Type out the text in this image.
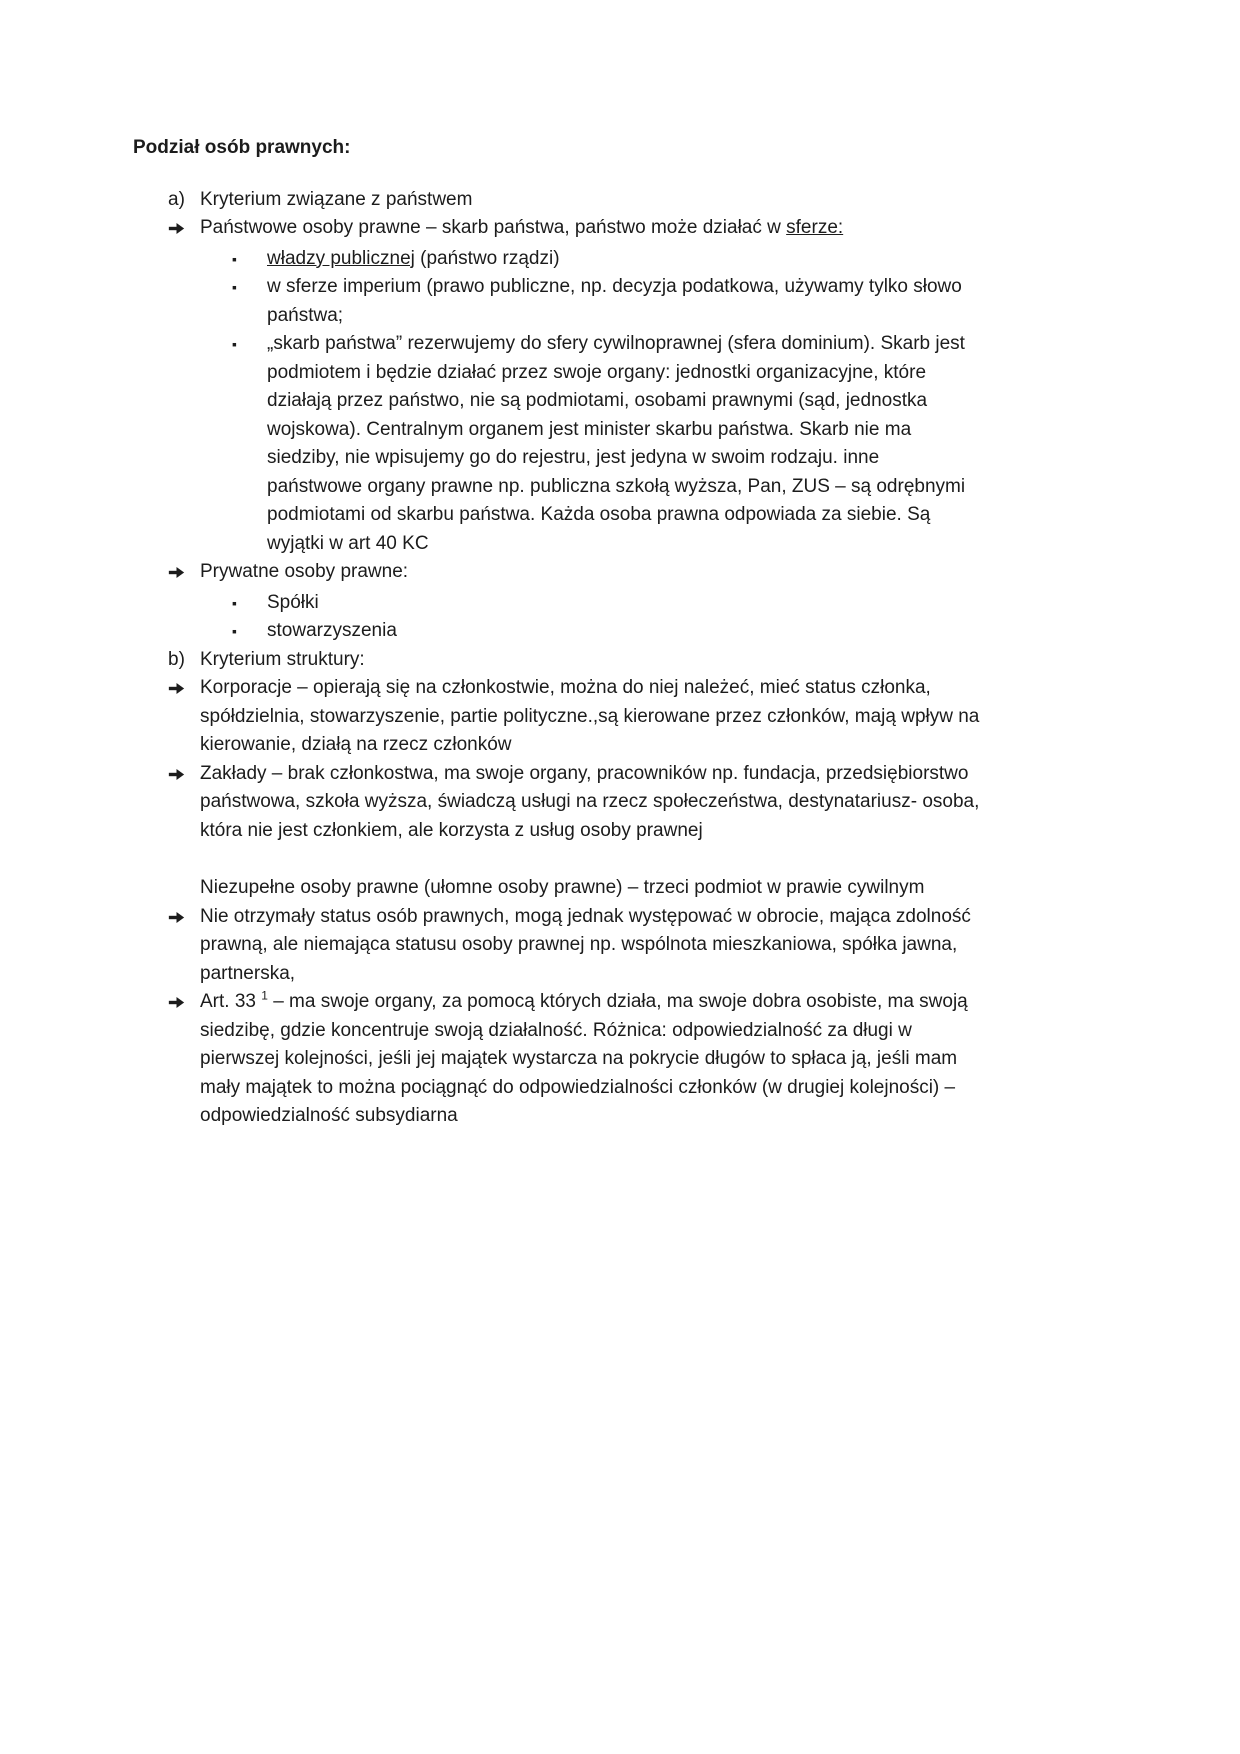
Podział osób prawnych:

a) Kryterium związane z państwem
Państwowe osoby prawne – skarb państwa, państwo może działać w sferze:
▪	władzy publicznej (państwo rządzi)
▪	w sferze imperium (prawo publiczne, np. decyzja podatkowa, używamy tylko słowo państwa;
▪	„skarb państwa” rezerwujemy do sfery cywilnoprawnej (sfera dominium). Skarb jest podmiotem i będzie działać przez swoje organy: jednostki organizacyjne, które działają przez państwo, nie są podmiotami, osobami prawnymi (sąd, jednostka wojskowa). Centralnym organem jest minister skarbu państwa. Skarb nie ma siedziby, nie wpisujemy go do rejestru, jest jedyna w swoim rodzaju. inne państwowe organy prawne np. publiczna szkołą wyższa, Pan, ZUS – są odrębnymi podmiotami od skarbu państwa. Każda osoba prawna odpowiada za siebie. Są wyjątki w art 40 KC
Prywatne osoby prawne:
▪	Spółki
▪	stowarzyszenia
b) Kryterium struktury:
Korporacje – opierają się na członkostwie, można do niej należeć, mieć status członka, spółdzielnia, stowarzyszenie, partie polityczne.,są kierowane przez członków, mają wpływ na kierowanie, działą na rzecz członków
Zakłady – brak członkostwa, ma swoje organy, pracowników np. fundacja, przedsiębiorstwo państwowa, szkoła wyższa, świadczą usługi na rzecz społeczeństwa, destynatariusz- osoba, która nie jest członkiem, ale korzysta z usług osoby prawnej
Niezupełne osoby prawne (ułomne osoby prawne) – trzeci podmiot w prawie cywilnym
Nie otrzymały status osób prawnych, mogą jednak występować w obrocie, mająca zdolność prawną, ale niemająca statusu osoby prawnej np. wspólnota mieszkaniowa, spółka jawna, partnerska,
Art. 33 $^1$ – ma swoje organy, za pomocą których działa, ma swoje dobra osobiste, ma swoją siedzibę, gdzie koncentruje swoją działalność. Różnica: odpowiedzialność za długi w pierwszej kolejności, jeśli jej majątek wystarcza na pokrycie długów to spłaca ją, jeśli mam mały majątek to można pociągnąć do odpowiedzialności członków (w drugiej kolejności) – odpowiedzialność subsydiarna
